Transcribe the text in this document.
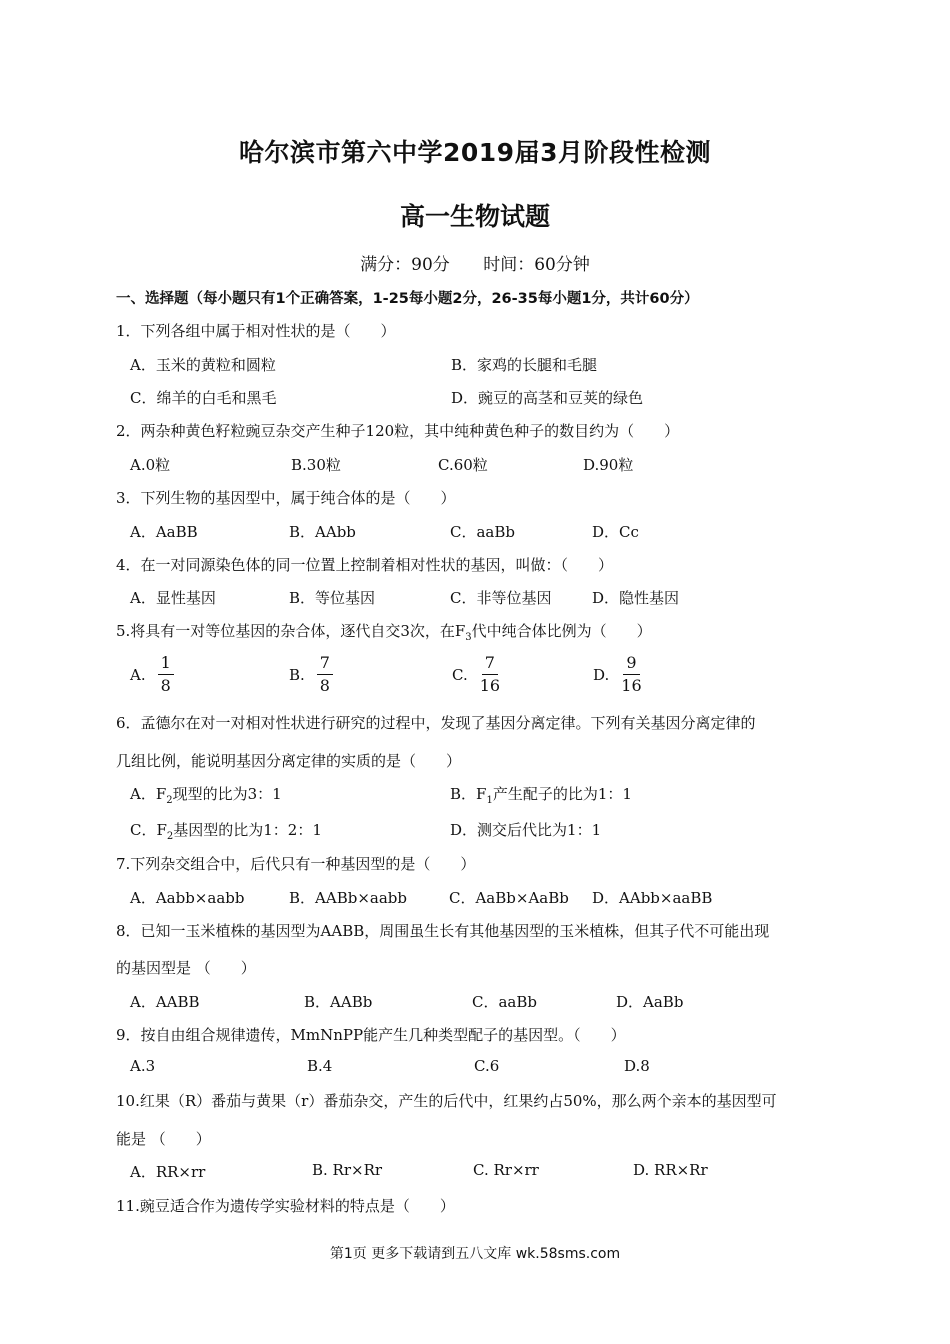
哈尔滨市第六中学2019届3月阶段性检测
高一生物试题
满分：90分 时间：60分钟
一、选择题（每小题只有1个正确答案，1-25每小题2分，26-35每小题1分，共计60分）
1．下列各组中属于相对性状的是（　　）
A．玉米的黄粒和圆粒	B．家鸡的长腿和毛腿
C．绵羊的白毛和黑毛	D．豌豆的高茎和豆荚的绿色
2．两杂种黄色籽粒豌豆杂交产生种子120粒，其中纯种黄色种子的数目约为（　　）
A.0粒	B.30粒	C.60粒	D.90粒
3．下列生物的基因型中，属于纯合体的是（　　）
A．AaBB	B．AAbb	C．aaBb	D．Cc
4．在一对同源染色体的同一位置上控制着相对性状的基因，叫做：（　　）
A．显性基因	B．等位基因	C．非等位基因	D．隐性基因
5.将具有一对等位基因的杂合体，逐代自交3次，在$F_3$代中纯合体比例为（　　）
A.
1
8
B.
7
8
C.
7
16
D.
9
16
6．孟德尔在对一对相对性状进行研究的过程中，发现了基因分离定律。下列有关基因分离定律的
几组比例，能说明基因分离定律的实质的是（　　）
A．$F_2$现型的比为3：1	B．$F_1$产生配子的比为1：1
C．$F_2$基因型的比为1：2：1	D．测交后代比为1：1
7.下列杂交组合中，后代只有一种基因型的是（　　）
A．Aabb×aabb	B．AABb×aabb	C．AaBb×AaBb D．AAbb×aaBB
8．已知一玉米植株的基因型为AABB，周围虽生长有其他基因型的玉米植株，但其子代不可能出现
的基因型是 （　　）
A．AABB	B．AABb	C．aaBb	D．AaBb
9．按自由组合规律遗传，MmNnPP能产生几种类型配子的基因型。（　　）
A.3	B.4	C.6	D.8
10.红果（R）番茄与黄果（r）番茄杂交，产生的后代中，红果约占50%，那么两个亲本的基因型可
能是 （　　）
A．RR×rr	B. Rr×Rr	C. Rr×rr	D. RR×Rr
11.豌豆适合作为遗传学实验材料的特点是（　　）
第1页 更多下载请到五八文库 wk.58sms.com
